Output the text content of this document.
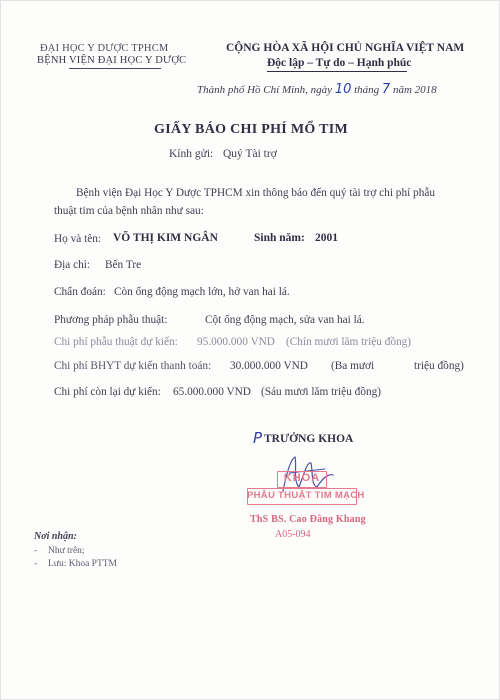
ĐẠI HỌC Y DƯỢC TPHCM
BỆNH VIỆN ĐẠI HỌC Y DƯỢC
CỘNG HÒA XÃ HỘI CHỦ NGHĨA VIỆT NAM
Độc lập – Tự do – Hạnh phúc
Thành phố Hồ Chí Minh, ngày 10 tháng 7 năm 2018
GIẤY BÁO CHI PHÍ MỔ TIM
Kính gửi: Quý Tài trợ
Bệnh viện Đại Học Y Dược TPHCM xin thông báo đến quý tài trợ chi phí phẫu
thuật tim của bệnh nhân như sau:
Họ và tên: VÕ THỊ KIM NGÂN	Sinh năm: 2001
Địa chỉ: Bến Tre
Chẩn đoán: Còn ống động mạch lớn, hở van hai lá.
Phương pháp phẫu thuật:	Cột ống động mạch, sửa van hai lá.
Chi phí phẫu thuật dự kiến: 95.000.000 VND (Chín mươi lăm triệu đồng)
Chi phí BHYT dự kiến thanh toán: 30.000.000 VND (Ba mươi	triệu đồng)
Chi phí còn lại dự kiến: 65.000.000 VND (Sáu mươi lăm triệu đồng)
P TRƯỞNG KHOA
KHOA
PHẪU THUẬT TIM MẠCH
ThS BS. Cao Đằng Khang
A05-094
Nơi nhận:
- Như trên;
- Lưu: Khoa PTTM
